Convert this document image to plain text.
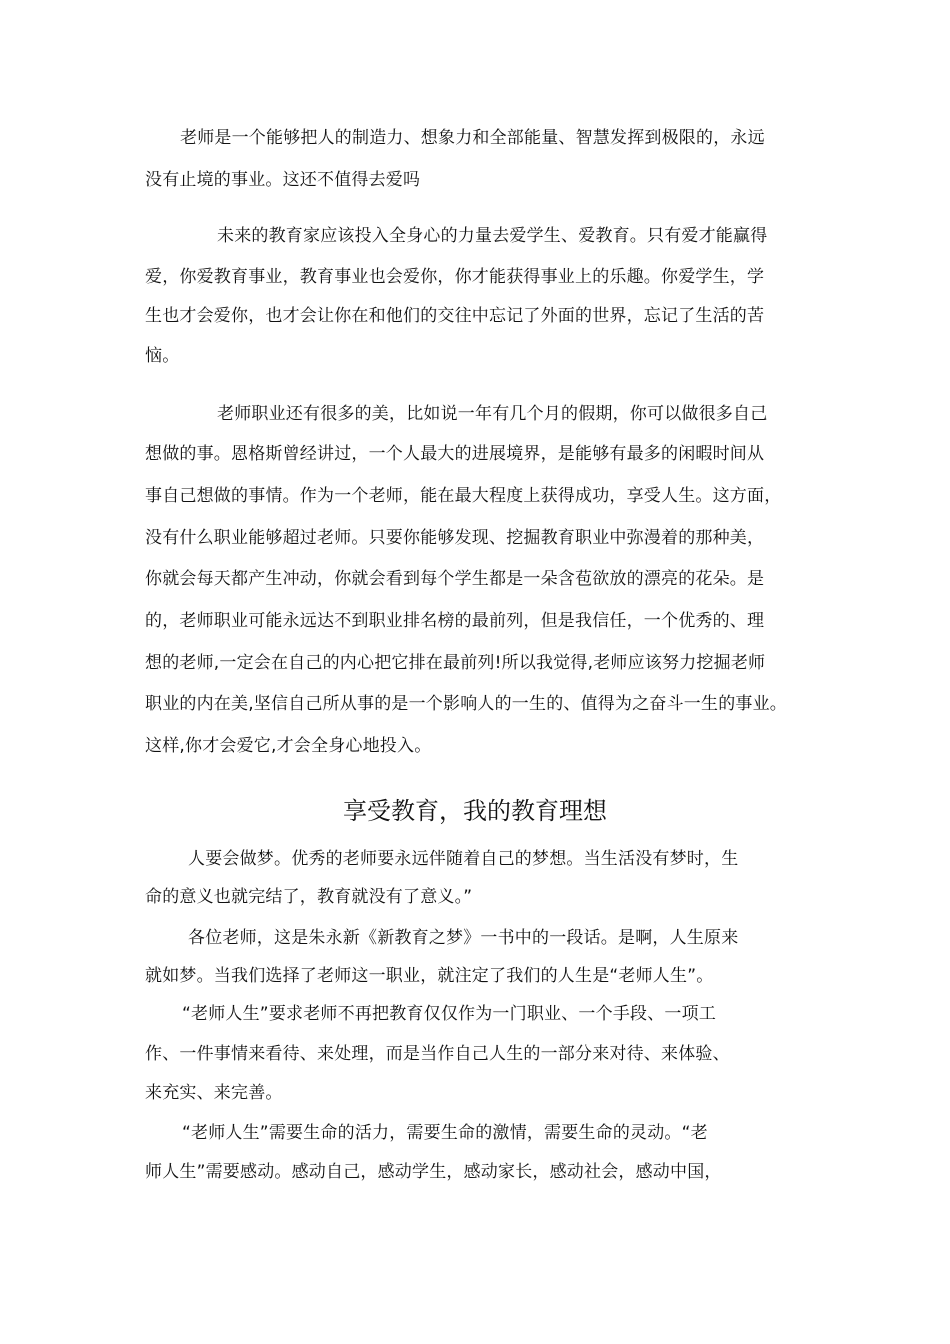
老师是一个能够把人的制造力、想象力和全部能量、智慧发挥到极限的，永远
没有止境的事业。这还不值得去爱吗
未来的教育家应该投入全身心的力量去爱学生、爱教育。只有爱才能赢得
爱，你爱教育事业，教育事业也会爱你，你才能获得事业上的乐趣。你爱学生，学
生也才会爱你，也才会让你在和他们的交往中忘记了外面的世界，忘记了生活的苦
恼。
老师职业还有很多的美，比如说一年有几个月的假期，你可以做很多自己
想做的事。恩格斯曾经讲过，一个人最大的进展境界，是能够有最多的闲暇时间从
事自己想做的事情。作为一个老师，能在最大程度上获得成功，享受人生。这方面，
没有什么职业能够超过老师。只要你能够发现、挖掘教育职业中弥漫着的那种美，
你就会每天都产生冲动，你就会看到每个学生都是一朵含苞欲放的漂亮的花朵。是
的，老师职业可能永远达不到职业排名榜的最前列，但是我信任，一个优秀的、理
想的老师,一定会在自己的内心把它排在最前列!所以我觉得,老师应该努力挖掘老师
职业的内在美,坚信自己所从事的是一个影响人的一生的、值得为之奋斗一生的事业。
这样,你才会爱它,才会全身心地投入。
享受教育，我的教育理想
人要会做梦。优秀的老师要永远伴随着自己的梦想。当生活没有梦时，生
命的意义也就完结了，教育就没有了意义。”
各位老师，这是朱永新《新教育之梦》一书中的一段话。是啊，人生原来
就如梦。当我们选择了老师这一职业，就注定了我们的人生是“老师人生”。
“老师人生”要求老师不再把教育仅仅作为一门职业、一个手段、一项工
作、一件事情来看待、来处理，而是当作自己人生的一部分来对待、来体验、
来充实、来完善。
“老师人生”需要生命的活力，需要生命的激情，需要生命的灵动。“老
师人生”需要感动。感动自己，感动学生，感动家长，感动社会，感动中国，
